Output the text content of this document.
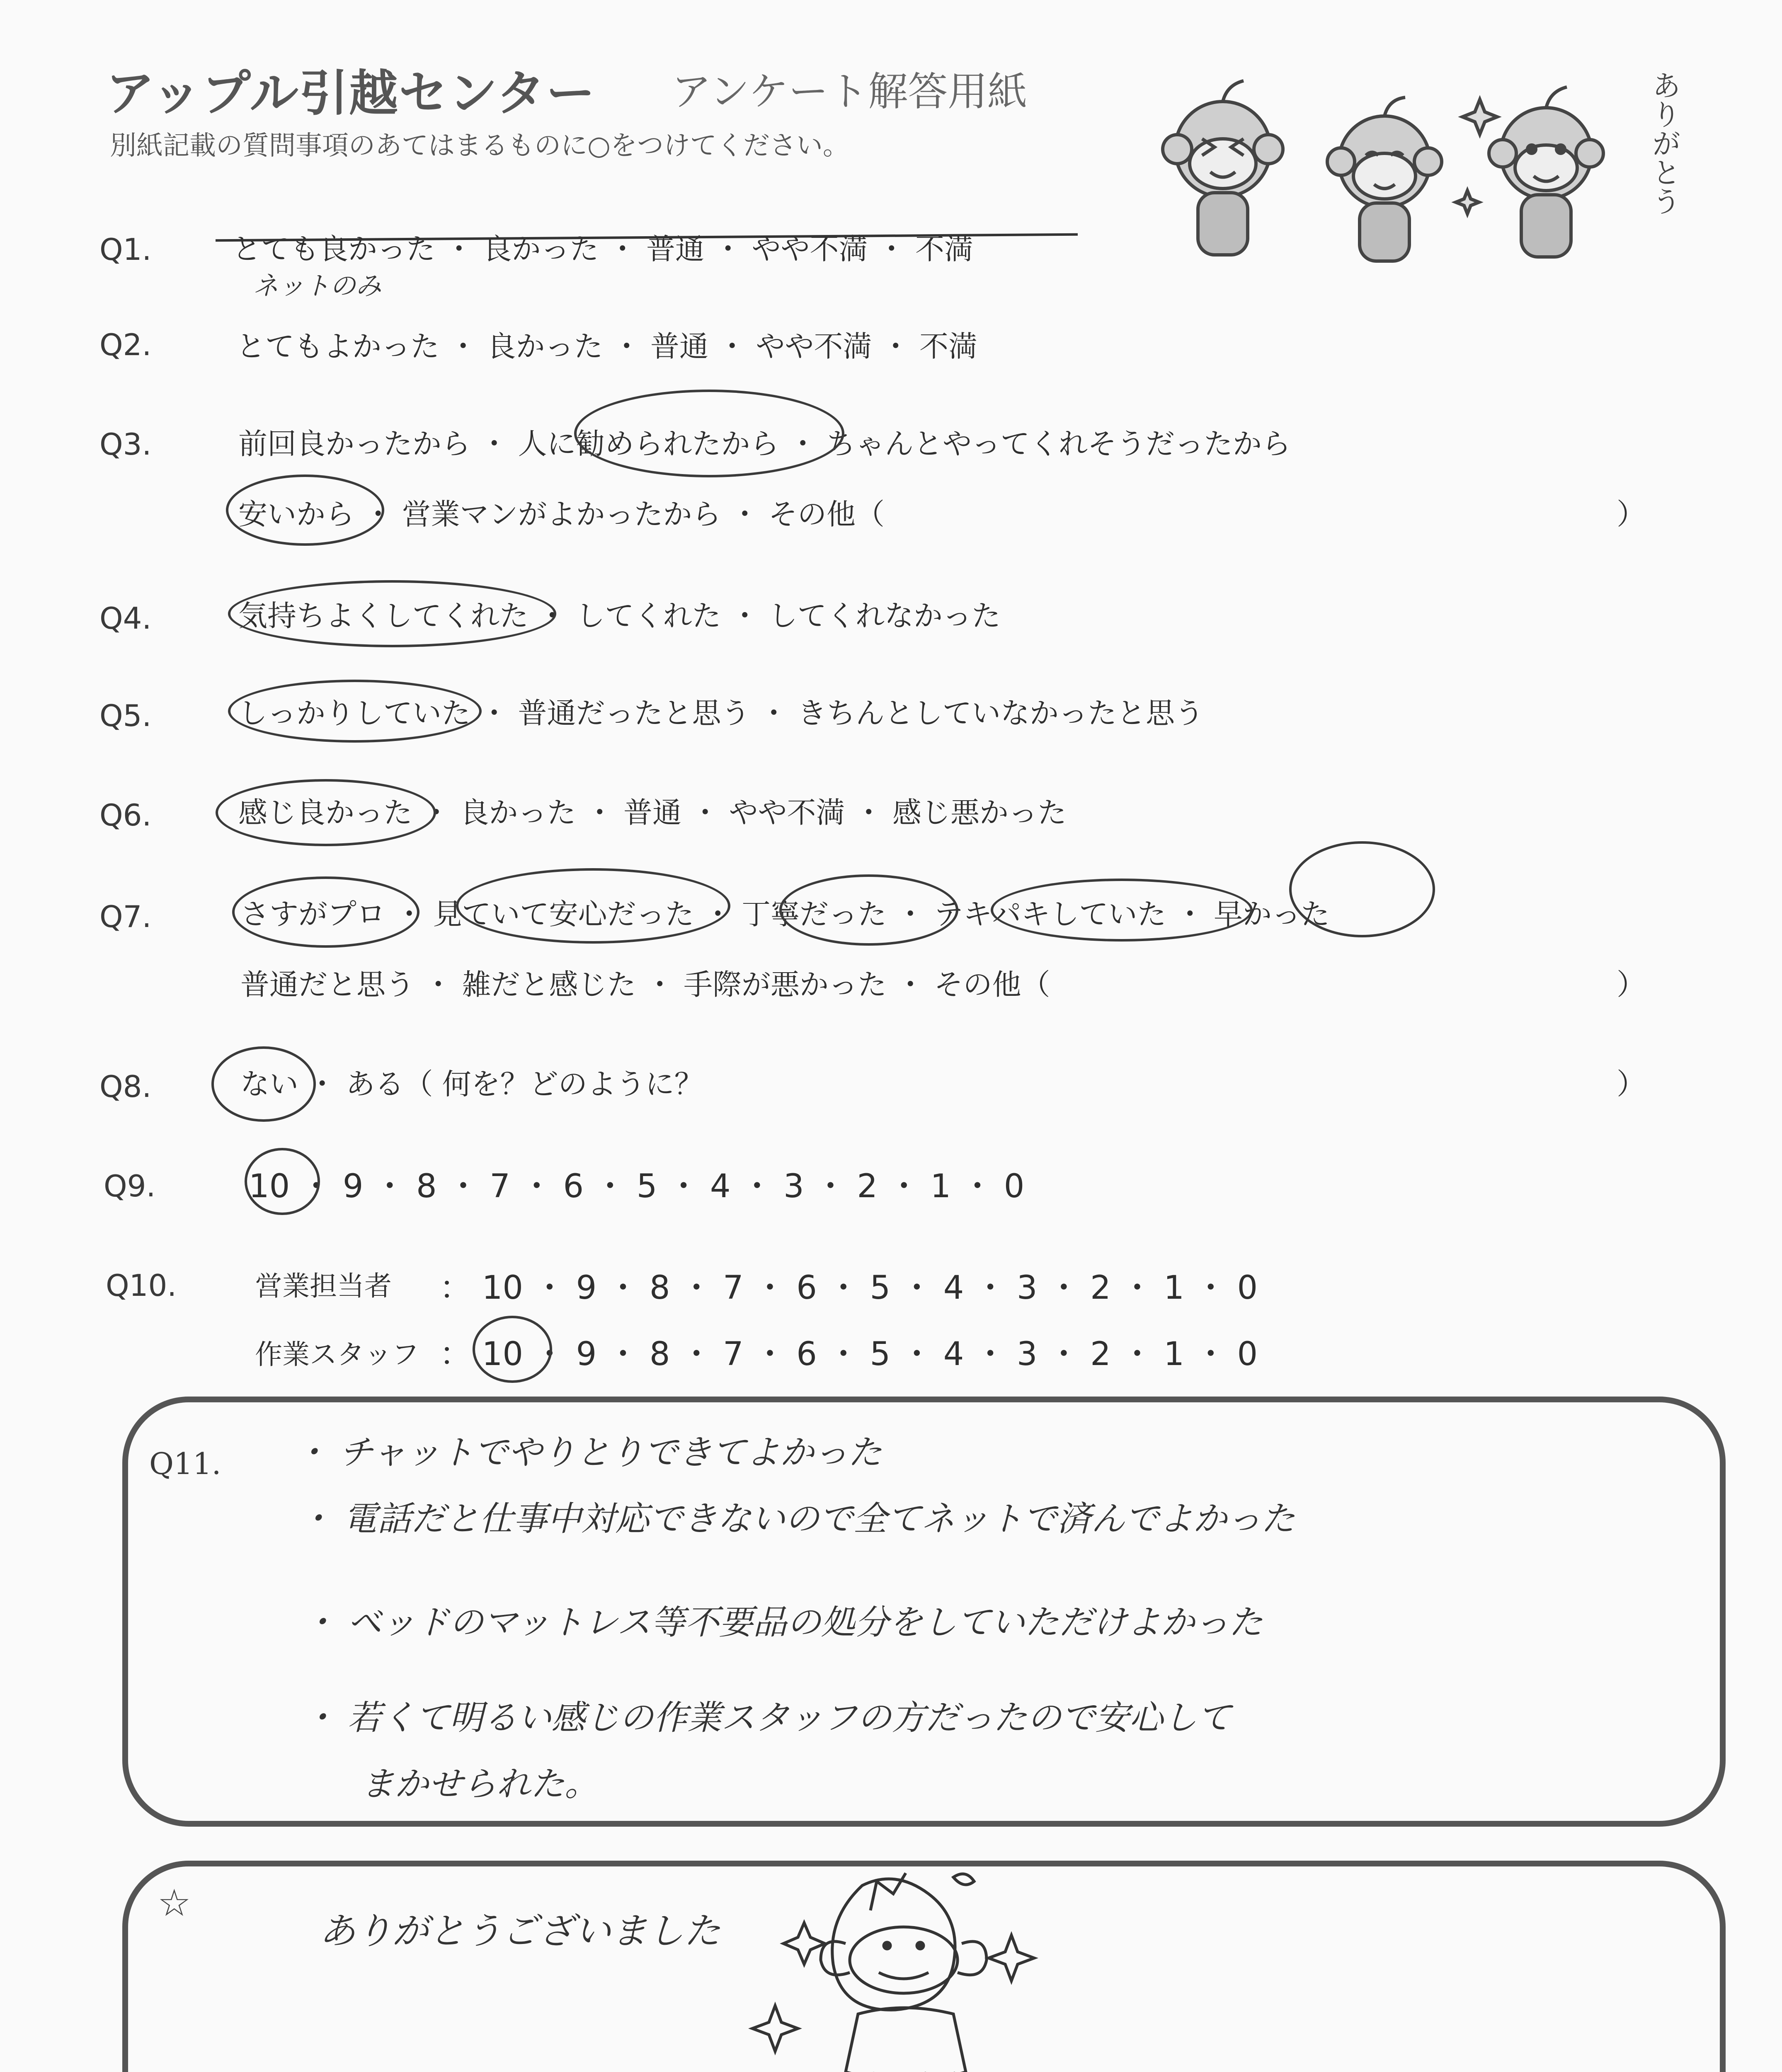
アップル引越センター アンケート解答用紙
別紙記載の質問事項のあてはまるものに○をつけてください。	ありがとう
Q1.	とても良かった ・ 良かった ・ 普通 ・ やや不満 ・ 不満
ネットのみ
Q2.	とてもよかった ・ 良かった ・ 普通 ・ やや不満 ・ 不満
Q3.	前回良かったから ・ 人に勧められたから ・ ちゃんとやってくれそうだったから
安いから ・ 営業マンがよかったから ・ その他（	）
Q4.	気持ちよくしてくれた ・ してくれた ・ してくれなかった
Q5.	しっかりしていた ・ 普通だったと思う ・ きちんとしていなかったと思う
Q6.	感じ良かった ・ 良かった ・ 普通 ・ やや不満 ・ 感じ悪かった
Q7.	さすがプロ ・ 見ていて安心だった ・ 丁寧だった ・ テキパキしていた ・ 早かった
普通だと思う ・ 雑だと感じた ・ 手際が悪かった ・ その他（	）
Q8.	ない ・ ある（ 何を？どのように？	）
Q9.	10 ・ 9 ・ 8 ・ 7 ・ 6 ・ 5 ・ 4 ・ 3 ・ 2 ・ 1 ・ 0
Q10.	営業担当者 ： 10 ・ 9 ・ 8 ・ 7 ・ 6 ・ 5 ・ 4 ・ 3 ・ 2 ・ 1 ・ 0
作業スタッフ ： 10 ・ 9 ・ 8 ・ 7 ・ 6 ・ 5 ・ 4 ・ 3 ・ 2 ・ 1 ・ 0
Q11. ・ チャットでやりとりできてよかった
・ 電話だと仕事中対応できないので全てネットで済んでよかった
・ ベッドのマットレス等不要品の処分をしていただけよかった
・ 若くて明るい感じの作業スタッフの方だったので安心して
まかせられた。
☆
ありがとうございました
